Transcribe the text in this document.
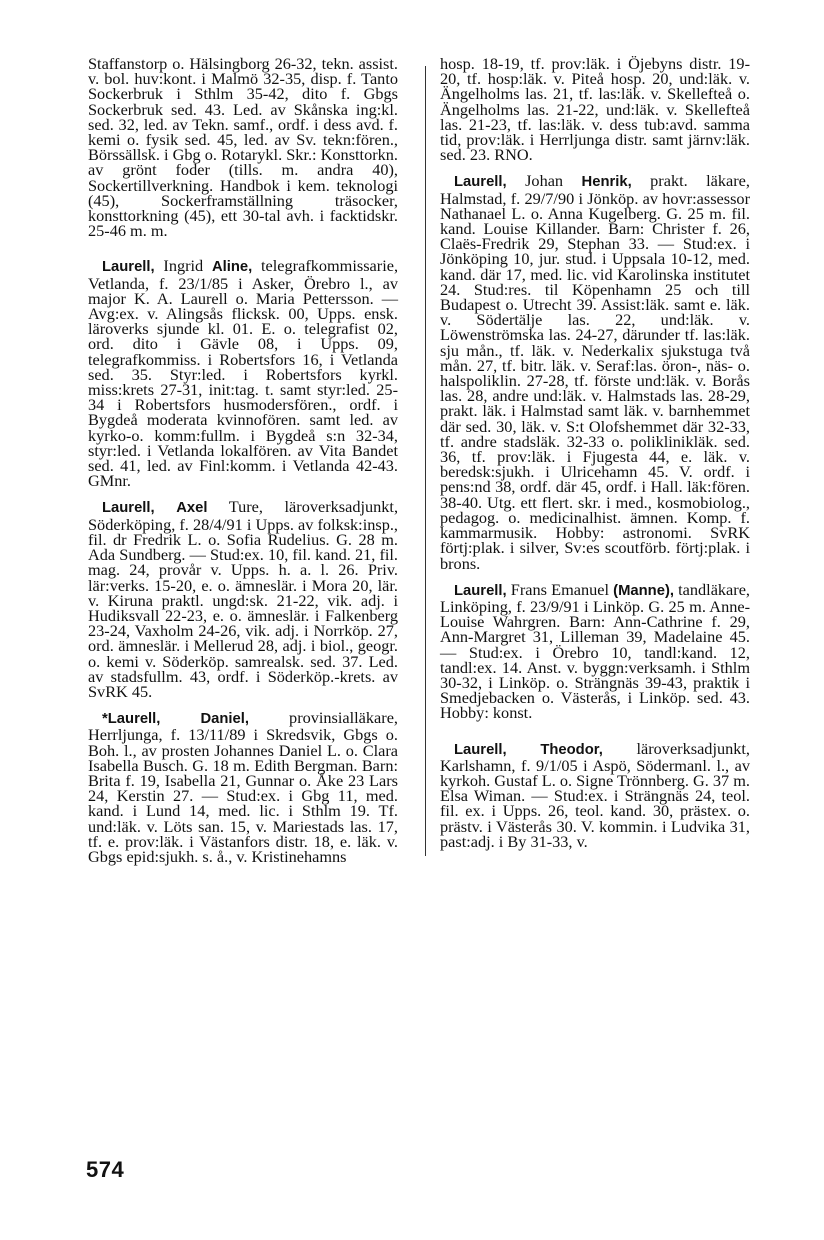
Staffanstorp o. Hälsingborg 26-32, tekn. assist. v. bol. huv:kont. i Malmö 32-35, disp. f. Tanto Sockerbruk i Sthlm 35-42, dito f. Gbgs Sockerbruk sed. 43. Led. av Skånska ing:kl. sed. 32, led. av Tekn. samf., ordf. i dess avd. f. kemi o. fysik sed. 45, led. av Sv. tekn:fören., Börssällsk. i Gbg o. Rotarykl. Skr.: Konsttorkn. av grönt foder (tills. m. andra 40), Sockertillverkning. Handbok i kem. teknologi (45), Sockerframställning träsocker, konsttorkning (45), ett 30-tal avh. i facktidskr. 25-46 m. m.

Laurell, Ingrid Aline, telegrafkommissarie, Vetlanda, f. 23/1/85 i Asker, Örebro l., av major K. A. Laurell o. Maria Pettersson. — Avg:ex. v. Alingsås flicksk. 00, Upps. ensk. läroverks sjunde kl. 01. E. o. telegrafist 02, ord. dito i Gävle 08, i Upps. 09, telegrafkommiss. i Robertsfors 16, i Vetlanda sed. 35. Styr:led. i Robertsfors kyrkl. miss:krets 27-31, init:tag. t. samt styr:led. 25-34 i Robertsfors husmodersfören., ordf. i Bygdeå moderata kvinnofören. samt led. av kyrko-o. komm:fullm. i Bygdeå s:n 32-34, styr:led. i Vetlanda lokalfören. av Vita Bandet sed. 41, led. av Finl:komm. i Vetlanda 42-43. GMnr.

Laurell, Axel Ture, läroverksadjunkt, Söderköping, f. 28/4/91 i Upps. av folksk:insp., fil. dr Fredrik L. o. Sofia Rudelius. G. 28 m. Ada Sundberg. — Stud:ex. 10, fil. kand. 21, fil. mag. 24, provår v. Upps. h. a. l. 26. Priv. lär:verks. 15-20, e. o. ämneslär. i Mora 20, lär. v. Kiruna praktl. ungd:sk. 21-22, vik. adj. i Hudiksvall 22-23, e. o. ämneslär. i Falkenberg 23-24, Vaxholm 24-26, vik. adj. i Norrköp. 27, ord. ämneslär. i Mellerud 28, adj. i biol., geogr. o. kemi v. Söderköp. samrealsk. sed. 37. Led. av stadsfullm. 43, ordf. i Söderköp.-krets. av SvRK 45.

*Laurell,	Daniel, provinsialläkare, Herrljunga, f. 13/11/89 i Skredsvik, Gbgs o. Boh. l., av prosten Johannes Daniel L. o. Clara Isabella Busch. G. 18 m. Edith Bergman. Barn: Brita f. 19, Isabella 21, Gunnar o. Åke 23 Lars 24, Kerstin 27. — Stud:ex. i Gbg 11, med. kand. i Lund 14, med. lic. i Sthlm 19. Tf. und:läk. v. Löts san. 15, v. Mariestads las. 17, tf. e. prov:läk. i Västanfors distr. 18, e. läk. v. Gbgs epid:sjukh. s. å., v. Kristinehamns

hosp. 18-19, tf. prov:läk. i Öjebyns distr. 19-20, tf. hosp:läk. v. Piteå hosp. 20, und:läk. v. Ängelholms las. 21, tf. las:läk. v. Skellefteå o. Ängelholms las. 21-22, und:läk. v. Skellefteå las. 21-23, tf. las:läk. v. dess tub:avd. samma tid, prov:läk. i Herrljunga distr. samt järnv:läk. sed. 23. RNO.

Laurell, Johan Henrik, prakt. läkare, Halmstad, f. 29/7/90 i Jönköp. av hovr:assessor Nathanael L. o. Anna Kugelberg. G. 25 m. fil. kand. Louise Killander. Barn: Christer f. 26, Claës-Fredrik 29, Stephan 33. — Stud:ex. i Jönköping 10, jur. stud. i Uppsala 10-12, med. kand. där 17, med. lic. vid Karolinska institutet 24. Stud:res. til Köpenhamn 25 och till Budapest o. Utrecht 39. Assist:läk. samt e. läk. v. Södertälje las. 22, und:läk. v. Löwenströmska las. 24-27, därunder tf. las:läk. sju mån., tf. läk. v. Nederkalix sjukstuga två mån. 27, tf. bitr. läk. v. Seraf:las. öron-, näs- o. halspoliklin. 27-28, tf. förste und:läk. v. Borås las. 28, andre und:läk. v. Halmstads las. 28-29, prakt. läk. i Halmstad samt läk. v. barnhemmet där sed. 30, läk. v. S:t Olofshemmet där 32-33, tf. andre stadsläk. 32-33 o. poliklinikläk. sed. 36, tf. prov:läk. i Fjugesta 44, e. läk. v. beredsk:sjukh. i Ulricehamn 45. V. ordf. i pens:nd 38, ordf. där 45, ordf. i Hall. läk:fören. 38-40. Utg. ett flert. skr. i med., kosmobiolog., pedagog. o. medicinalhist. ämnen. Komp. f. kammarmusik. Hobby: astronomi. SvRK förtj:plak. i silver, Sv:es scoutförb. förtj:plak. i brons.

Laurell, Frans Emanuel (Manne), tandläkare, Linköping, f. 23/9/91 i Linköp. G. 25 m. Anne-Louise Wahrgren. Barn: Ann-Cathrine f. 29, Ann-Margret 31, Lilleman 39, Madelaine 45. — Stud:ex. i Örebro 10, tandl:kand. 12, tandl:ex. 14. Anst. v. byggn:verksamh. i Sthlm 30-32, i Linköp. o. Strängnäs 39-43, praktik i Smedjebacken o. Västerås, i Linköp. sed. 43. Hobby: konst.

Laurell, Theodor, läroverksadjunkt, Karlshamn, f. 9/1/05 i Aspö, Södermanl. l., av kyrkoh. Gustaf L. o. Signe Trönnberg. G. 37 m. Elsa Wiman. — Stud:ex. i Strängnäs 24, teol. fil. ex. i Upps. 26, teol. kand. 30, prästex. o. prästv. i Västerås 30. V. kommin. i Ludvika 31, past:adj. i By 31-33, v.

574
